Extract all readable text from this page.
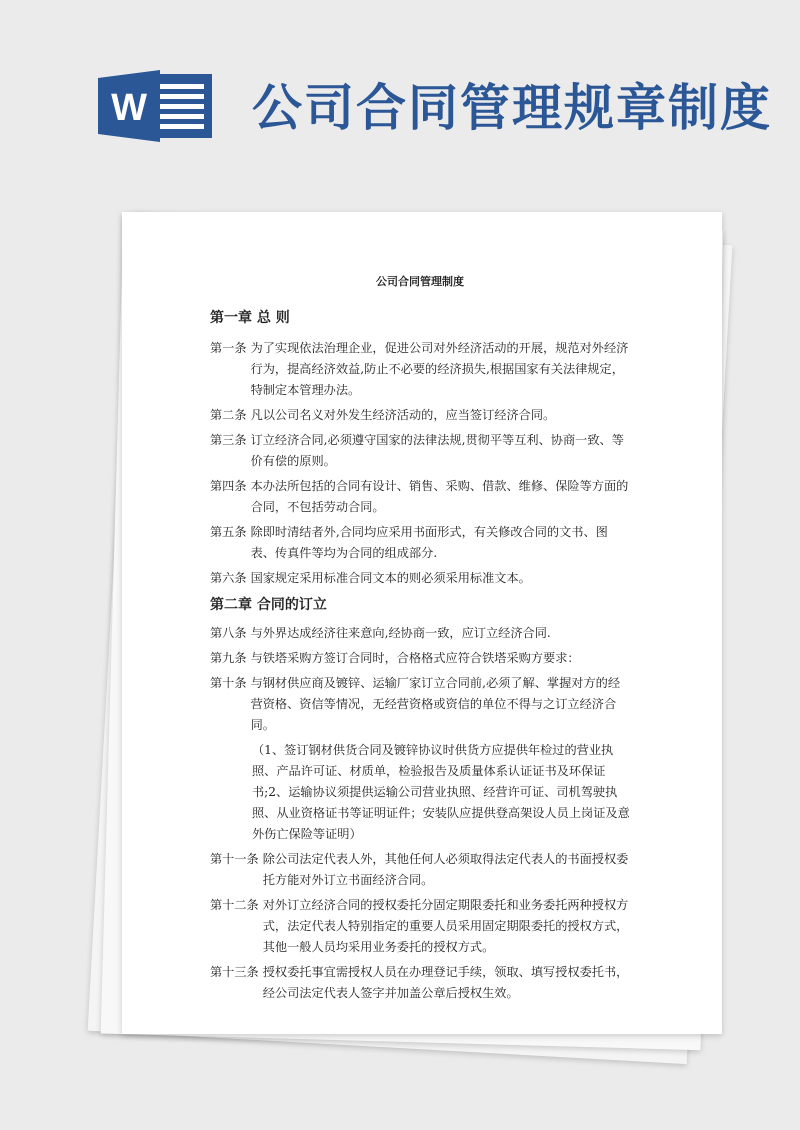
W 公司合同管理规章制度
公司合同管理制度
第一章 总 则
第一条 为了实现依法治理企业，促进公司对外经济活动的开展，规范对外经济行为，提高经济效益,防止不必要的经济损失,根据国家有关法律规定，特制定本管理办法。
第二条 凡以公司名义对外发生经济活动的，应当签订经济合同。
第三条 订立经济合同,必须遵守国家的法律法规,贯彻平等互利、协商一致、等价有偿的原则。
第四条 本办法所包括的合同有设计、销售、采购、借款、维修、保险等方面的合同，不包括劳动合同。
第五条 除即时清结者外,合同均应采用书面形式，有关修改合同的文书、图表、传真件等均为合同的组成部分.
第六条 国家规定采用标准合同文本的则必须采用标准文本。
第二章 合同的订立
第八条 与外界达成经济往来意向,经协商一致，应订立经济合同.
第九条 与铁塔采购方签订合同时，合格格式应符合铁塔采购方要求：
第十条 与钢材供应商及镀锌、运输厂家订立合同前,必须了解、掌握对方的经营资格、资信等情况，无经营资格或资信的单位不得与之订立经济合同。
（1、签订钢材供货合同及镀锌协议时供货方应提供年检过的营业执照、产品许可证、材质单，检验报告及质量体系认证证书及环保证书;2、运输协议须提供运输公司营业执照、经营许可证、司机驾驶执照、从业资格证书等证明证件；安装队应提供登高架设人员上岗证及意外伤亡保险等证明）
第十一条 除公司法定代表人外，其他任何人必须取得法定代表人的书面授权委托方能对外订立书面经济合同。
第十二条 对外订立经济合同的授权委托分固定期限委托和业务委托两种授权方式，法定代表人特别指定的重要人员采用固定期限委托的授权方式，其他一般人员均采用业务委托的授权方式。
第十三条 授权委托事宜需授权人员在办理登记手续，领取、填写授权委托书，经公司法定代表人签字并加盖公章后授权生效。
